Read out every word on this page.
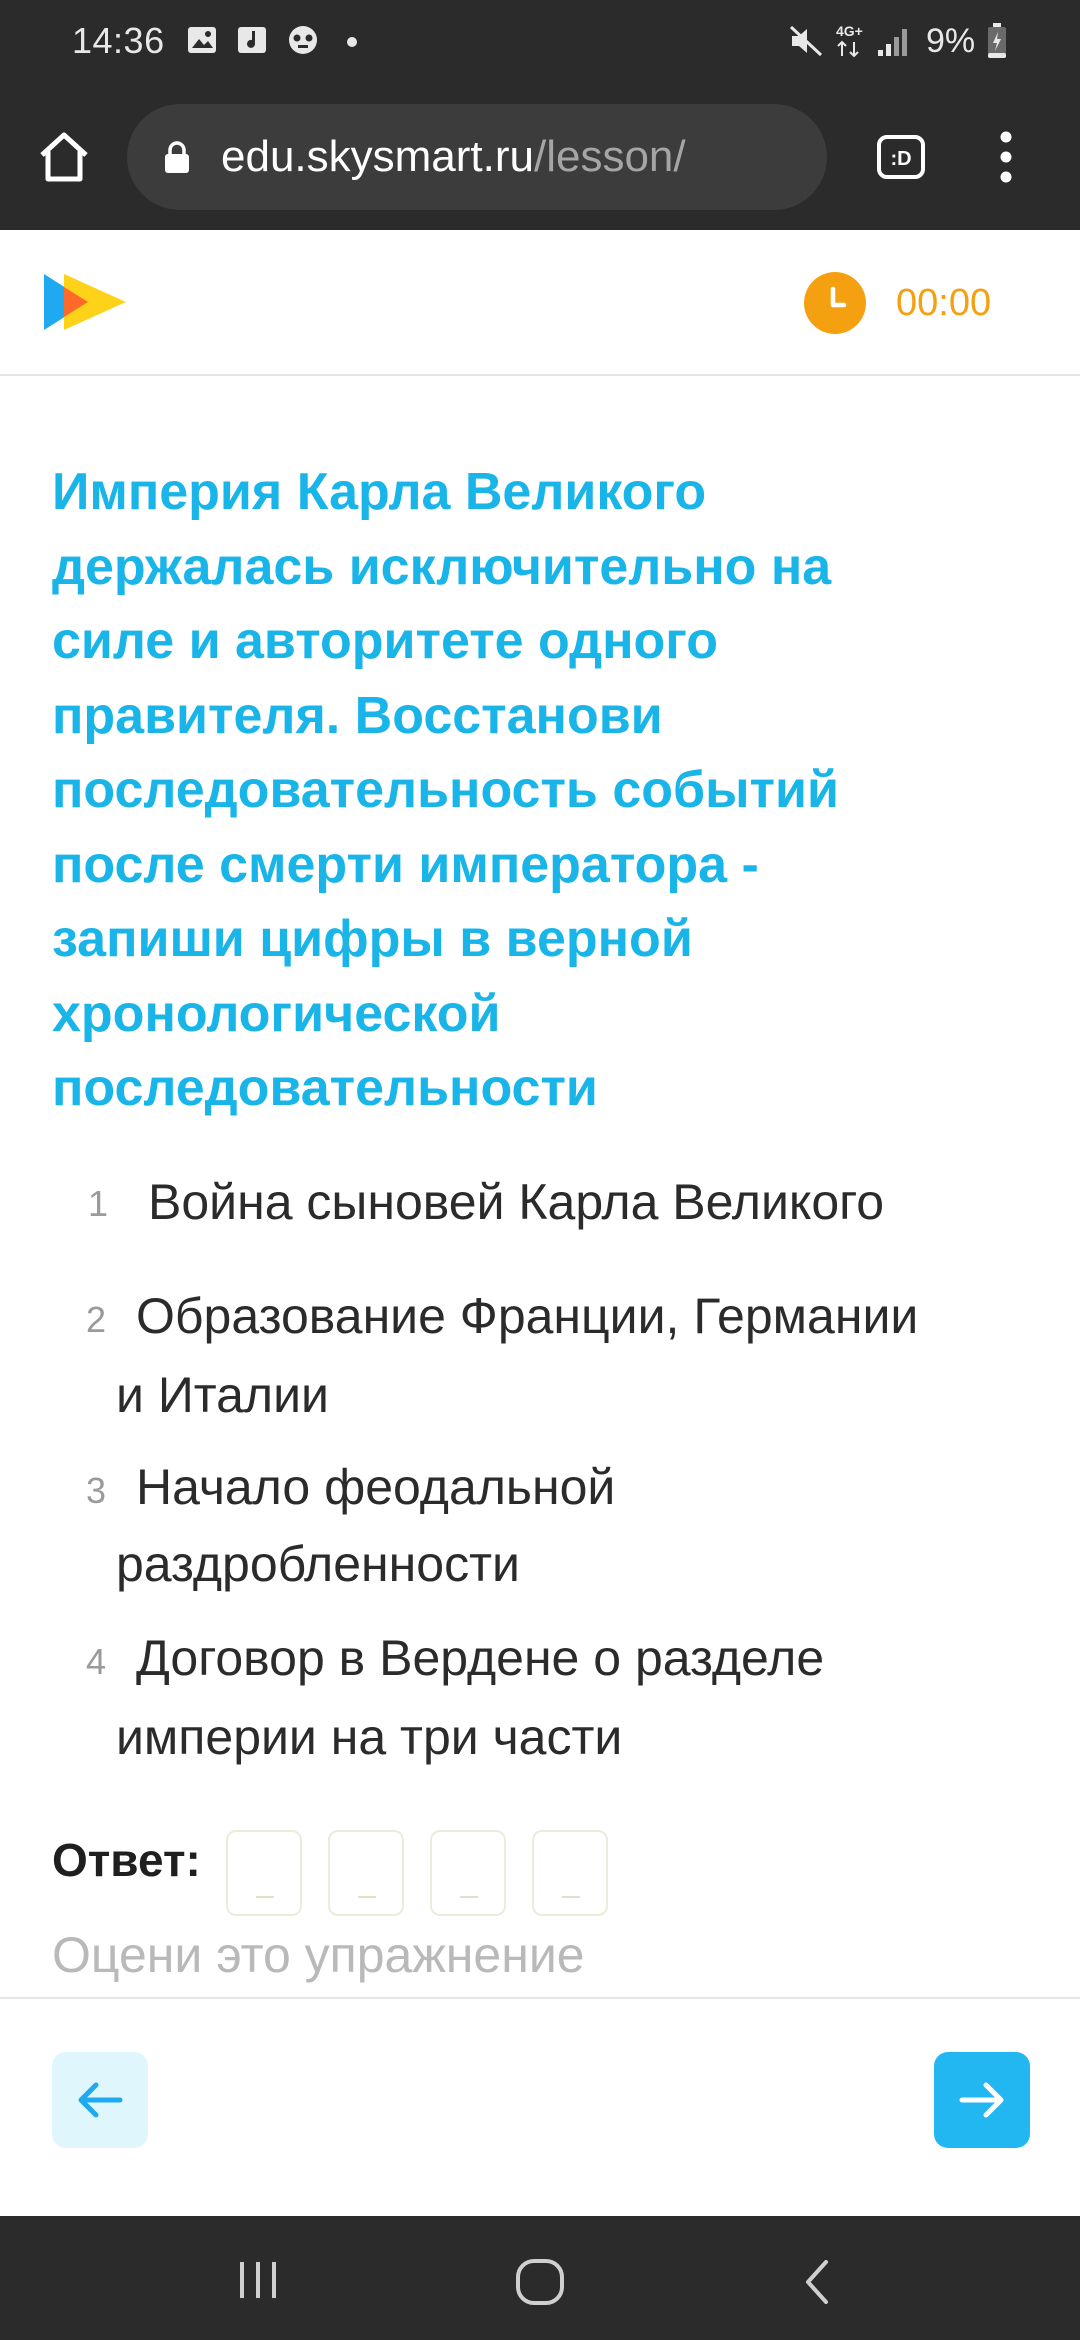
14:36	4G+ 9%
edu.skysmart.ru/lesson/	:D
00:00
Империя Карла Великого
держалась исключительно на
силе и авторитете одного
правителя. Восстанови
последовательность событий
после смерти императора -
запиши цифры в верной
хронологической
последовательности
1 Война сыновей Карла Великого
2 Образование Франции, Германии
и Италии
3 Начало феодальной
раздробленности
4 Договор в Вердене о разделе
империи на три части
Ответ:
Оцени это упражнение
